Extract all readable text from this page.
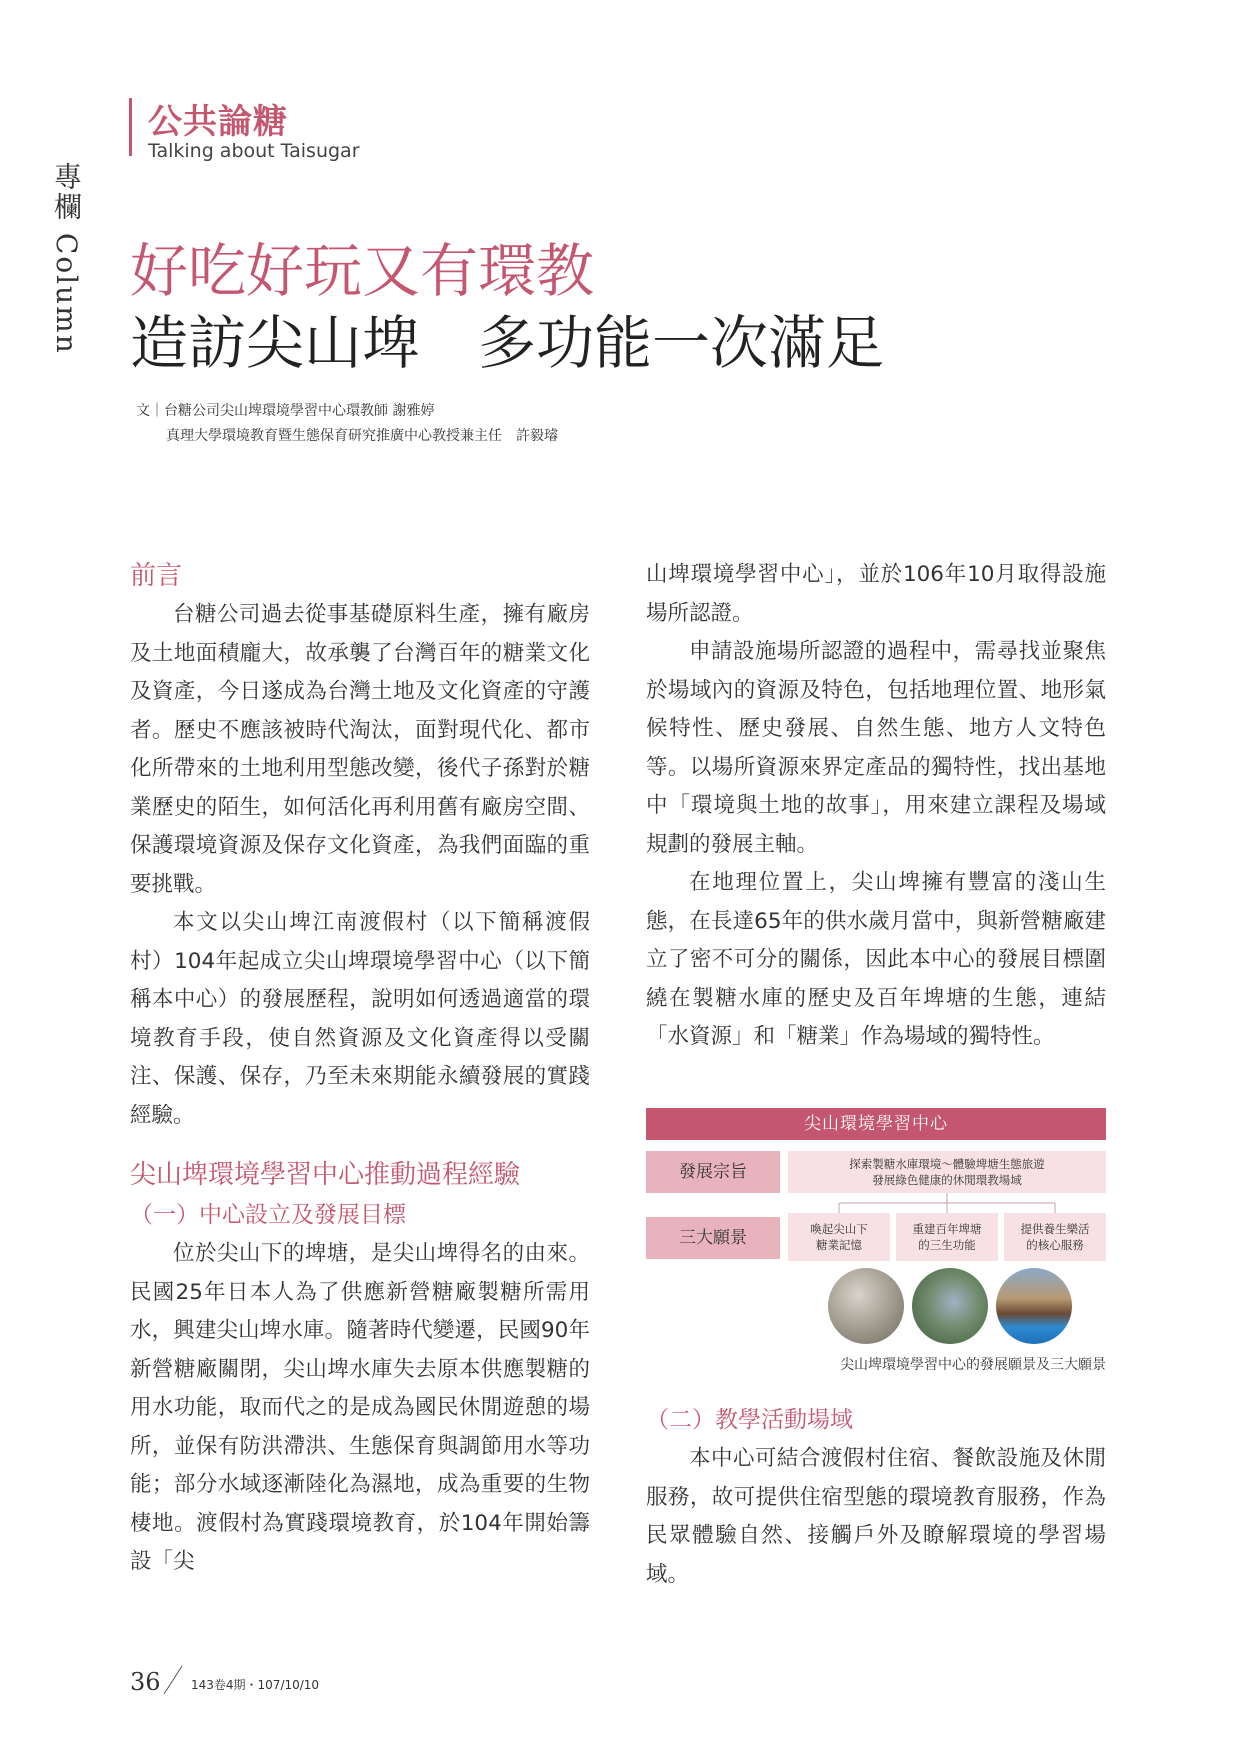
專欄 Column
公共論糖
Talking about Taisugar
好吃好玩又有環教
造訪尖山埤　多功能一次滿足
文｜台糖公司尖山埤環境學習中心環教師 謝雅婷
真理大學環境教育暨生態保育研究推廣中心教授兼主任　許毅璿
前言

台糖公司過去從事基礎原料生產，擁有廠房及土地面積龐大，故承襲了台灣百年的糖業文化及資產，今日遂成為台灣土地及文化資產的守護者。歷史不應該被時代淘汰，面對現代化、都市化所帶來的土地利用型態改變，後代子孫對於糖業歷史的陌生，如何活化再利用舊有廠房空間、保護環境資源及保存文化資產，為我們面臨的重要挑戰。

本文以尖山埤江南渡假村（以下簡稱渡假村）104年起成立尖山埤環境學習中心（以下簡稱本中心）的發展歷程，說明如何透過適當的環境教育手段，使自然資源及文化資產得以受關注、保護、保存，乃至未來期能永續發展的實踐經驗。

尖山埤環境學習中心推動過程經驗
（一）中心設立及發展目標

位於尖山下的埤塘，是尖山埤得名的由來。民國25年日本人為了供應新營糖廠製糖所需用水，興建尖山埤水庫。隨著時代變遷，民國90年新營糖廠關閉，尖山埤水庫失去原本供應製糖的用水功能，取而代之的是成為國民休閒遊憩的場所，並保有防洪滯洪、生態保育與調節用水等功能；部分水域逐漸陸化為濕地，成為重要的生物棲地。渡假村為實踐環境教育，於104年開始籌設「尖

山埤環境學習中心」，並於106年10月取得設施場所認證。

申請設施場所認證的過程中，需尋找並聚焦於場域內的資源及特色，包括地理位置、地形氣候特性、歷史發展、自然生態、地方人文特色等。以場所資源來界定產品的獨特性，找出基地中「環境與土地的故事」，用來建立課程及場域規劃的發展主軸。

在地理位置上，尖山埤擁有豐富的淺山生態，在長達65年的供水歲月當中，與新營糖廠建立了密不可分的關係，因此本中心的發展目標圍繞在製糖水庫的歷史及百年埤塘的生態，連結「水資源」和「糖業」作為場域的獨特性。

尖山環境學習中心
發展宗旨	探索製糖水庫環境～體驗埤塘生態旅遊
發展綠色健康的休閒環教場域
三大願景	喚起尖山下
糖業記憶
重建百年埤塘
的三生功能
提供養生樂活
的核心服務
尖山埤環境學習中心的發展願景及三大願景
（二）教學活動場域

本中心可結合渡假村住宿、餐飲設施及休閒服務，故可提供住宿型態的環境教育服務，作為民眾體驗自然、接觸戶外及瞭解環境的學習場域。

36	143卷4期・107/10/10
